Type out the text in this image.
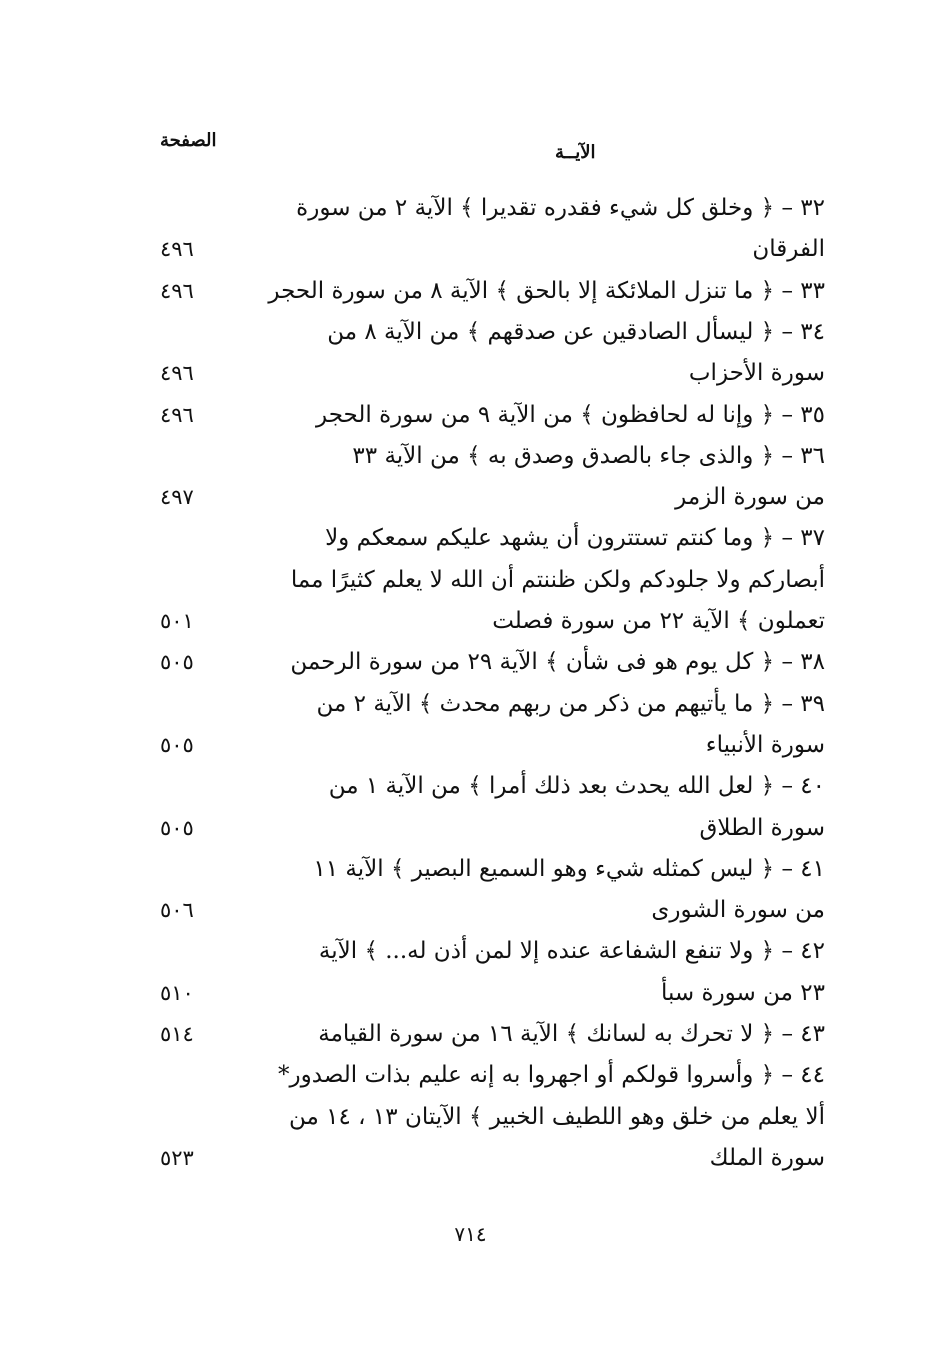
الصفحة
الآيــة
٣٢ – ﴿ وخلق كل شيء فقدره تقديرا ﴾ الآية ٢ من سورة
الفرقان
٤٩٦
٣٣ – ﴿ ما تنزل الملائكة إلا بالحق ﴾ الآية ٨ من سورة الحجر
٤٩٦
٣٤ – ﴿ ليسأل الصادقين عن صدقهم ﴾ من الآية ٨ من
سورة الأحزاب
٤٩٦
٣٥ – ﴿ وإنا له لحافظون ﴾ من الآية ٩ من سورة الحجر
٤٩٦
٣٦ – ﴿ والذى جاء بالصدق وصدق به ﴾ من الآية ٣٣
من سورة الزمر
٤٩٧
٣٧ – ﴿ وما كنتم تستترون أن يشهد عليكم سمعكم ولا
أبصاركم ولا جلودكم ولكن ظننتم أن الله لا يعلم كثيرًا مما
تعملون ﴾ الآية ٢٢ من سورة فصلت
٥٠١
٣٨ – ﴿ كل يوم هو فى شأن ﴾ الآية ٢٩ من سورة الرحمن
٥٠٥
٣٩ – ﴿ ما يأتيهم من ذكر من ربهم محدث ﴾ الآية ٢ من
سورة الأنبياء
٥٠٥
٤٠ – ﴿ لعل الله يحدث بعد ذلك أمرا ﴾ من الآية ١ من
سورة الطلاق
٥٠٥
٤١ – ﴿ ليس كمثله شيء وهو السميع البصير ﴾ الآية ١١
من سورة الشورى
٥٠٦
٤٢ – ﴿ ولا تنفع الشفاعة عنده إلا لمن أذن له... ﴾ الآية
٢٣ من سورة سبأ
٥١٠
٤٣ – ﴿ لا تحرك به لسانك ﴾ الآية ١٦ من سورة القيامة
٥١٤
٤٤ – ﴿ وأسروا قولكم أو اجهروا به إنه عليم بذات الصدور*
ألا يعلم من خلق وهو اللطيف الخبير ﴾ الآيتان ١٣ ، ١٤ من
سورة الملك
٥٢٣
٧١٤
